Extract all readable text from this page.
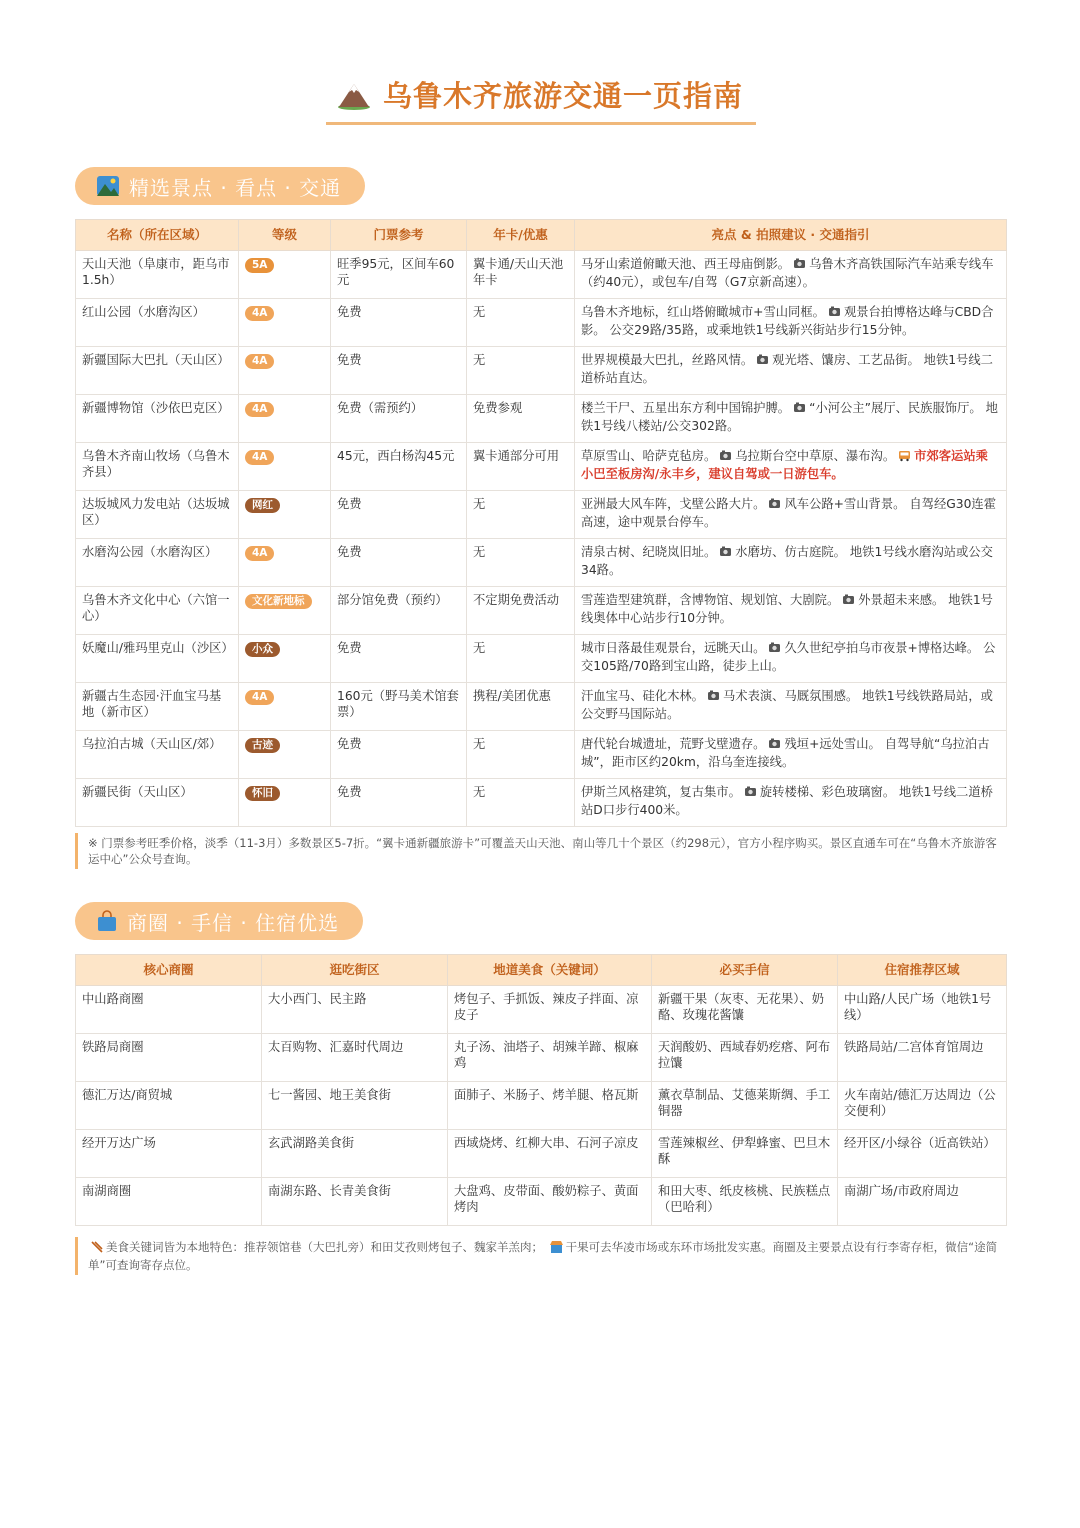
乌鲁木齐旅游交通一页指南
精选景点 · 看点 · 交通
名称（所在区域）	等级	门票参考	年卡/优惠	亮点 & 拍照建议 · 交通指引
天山天池（阜康市，距乌市1.5h）	5A	旺季95元，区间车60元	翼卡通/天山天池年卡	马牙山索道俯瞰天池、西王母庙倒影。 乌鲁木齐高铁国际汽车站乘专线车（约40元），或包车/自驾（G7京新高速）。
红山公园（水磨沟区）	4A	免费	无	乌鲁木齐地标，红山塔俯瞰城市+雪山同框。 观景台拍博格达峰与CBD合影。 公交29路/35路，或乘地铁1号线新兴街站步行15分钟。
新疆国际大巴扎（天山区）	4A	免费	无	世界规模最大巴扎，丝路风情。 观光塔、馕房、工艺品街。 地铁1号线二道桥站直达。
新疆博物馆（沙依巴克区）	4A	免费（需预约）	免费参观	楼兰干尸、五星出东方利中国锦护膊。 “小河公主”展厅、民族服饰厅。 地铁1号线八楼站/公交302路。
乌鲁木齐南山牧场（乌鲁木齐县）	4A	45元，西白杨沟45元	翼卡通部分可用	草原雪山、哈萨克毡房。 乌拉斯台空中草原、瀑布沟。 市郊客运站乘小巴至板房沟/永丰乡，建议自驾或一日游包车。
达坂城风力发电站（达坂城区）	网红	免费	无	亚洲最大风车阵，戈壁公路大片。 风车公路+雪山背景。 自驾经G30连霍高速，途中观景台停车。
水磨沟公园（水磨沟区）	4A	免费	无	清泉古树、纪晓岚旧址。 水磨坊、仿古庭院。 地铁1号线水磨沟站或公交34路。
乌鲁木齐文化中心（六馆一心）	文化新地标	部分馆免费（预约）	不定期免费活动	雪莲造型建筑群，含博物馆、规划馆、大剧院。 外景超未来感。 地铁1号线奥体中心站步行10分钟。
妖魔山/雅玛里克山（沙区）	小众	免费	无	城市日落最佳观景台，远眺天山。 久久世纪亭拍乌市夜景+博格达峰。 公交105路/70路到宝山路，徒步上山。
新疆古生态园·汗血宝马基地（新市区）	4A	160元（野马美术馆套票）	携程/美团优惠	汗血宝马、硅化木林。 马术表演、马厩氛围感。 地铁1号线铁路局站，或公交野马国际站。
乌拉泊古城（天山区/郊）	古迹	免费	无	唐代轮台城遗址，荒野戈壁遗存。 残垣+远处雪山。 自驾导航“乌拉泊古城”，距市区约20km，沿乌奎连接线。
新疆民街（天山区）	怀旧	免费	无	伊斯兰风格建筑，复古集市。 旋转楼梯、彩色玻璃窗。 地铁1号线二道桥站D口步行400米。
※ 门票参考旺季价格，淡季（11-3月）多数景区5-7折。“翼卡通新疆旅游卡”可覆盖天山天池、南山等几十个景区（约298元），官方小程序购买。景区直通车可在“乌鲁木齐旅游客运中心”公众号查询。
商圈 · 手信 · 住宿优选
核心商圈	逛吃街区	地道美食（关键词）	必买手信	住宿推荐区域
中山路商圈	大小西门、民主路	烤包子、手抓饭、辣皮子拌面、凉皮子	新疆干果（灰枣、无花果）、奶酪、玫瑰花酱馕	中山路/人民广场（地铁1号线）
铁路局商圈	太百购物、汇嘉时代周边	丸子汤、油塔子、胡辣羊蹄、椒麻鸡	天润酸奶、西域春奶疙瘩、阿布拉馕	铁路局站/二宫体育馆周边
德汇万达/商贸城	七一酱园、地王美食街	面肺子、米肠子、烤羊腿、格瓦斯	薰衣草制品、艾德莱斯绸、手工铜器	火车南站/德汇万达周边（公交便利）
经开万达广场	玄武湖路美食街	西域烧烤、红柳大串、石河子凉皮	雪莲辣椒丝、伊犁蜂蜜、巴旦木酥	经开区/小绿谷（近高铁站）
南湖商圈	南湖东路、长青美食街	大盘鸡、皮带面、酸奶粽子、黄面烤肉	和田大枣、纸皮核桃、民族糕点（巴哈利）	南湖广场/市政府周边
美食关键词皆为本地特色：推荐领馆巷（大巴扎旁）和田艾孜则烤包子、魏家羊羔肉； 干果可去华凌市场或东环市场批发实惠。商圈及主要景点设有行李寄存柜，微信“途简单”可查询寄存点位。
